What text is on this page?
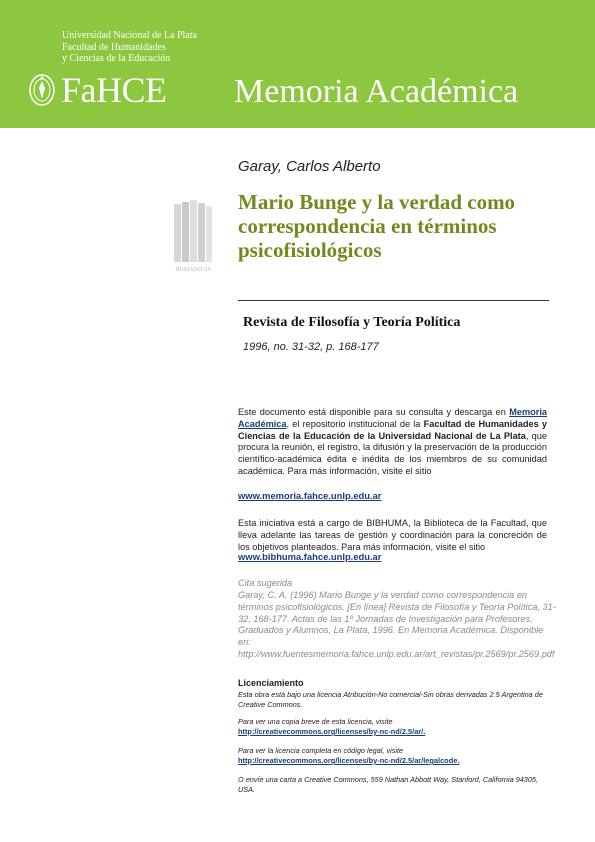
Universidad Nacional de La Plata
Facultad de Humanidades
y Ciencias de la Educación
FaHCE Memoria Académica
HUMANITAS
Garay, Carlos Alberto
Mario Bunge y la verdad como correspondencia en términos psicofisiológicos
Revista de Filosofía y Teoría Política
1996, no. 31-32, p. 168-177
Este documento está disponible para su consulta y descarga en Memoria Académica, el repositorio institucional de la Facultad de Humanidades y Ciencias de la Educación de la Universidad Nacional de La Plata, que procura la reunión, el registro, la difusión y la preservación de la producción científico-académica édita e inédita de los miembros de su comunidad académica. Para más información, visite el sitio
www.memoria.fahce.unlp.edu.ar
Esta iniciativa está a cargo de BIBHUMA, la Biblioteca de la Facultad, que lleva adelante las tareas de gestión y coordinación para la concreción de los objetivos planteados. Para más información, visite el sitio
www.bibhuma.fahce.unlp.edu.ar
Cita sugerida
Garay, C. A. (1996) Mario Bunge y la verdad como correspondencia en términos psicofisiológicos. [En línea] Revista de Filosofía y Teoría Política, 31-32, 168-177. Actas de las 1º Jornadas de Investigación para Profesores, Graduados y Alumnos, La Plata, 1996. En Memoria Académica. Disponible en: http://www.fuentesmemoria.fahce.unlp.edu.ar/art_revistas/pr.2569/pr.2569.pdf
Licenciamiento
Esta obra está bajo una licencia Atribución-No comercial-Sin obras derivadas 2.5 Argentina de Creative Commons.
Para ver una copia breve de esta licencia, visite
http://creativecommons.org/licenses/by-nc-nd/2.5/ar/.
Para ver la licencia completa en código legal, visite
http://creativecommons.org/licenses/by-nc-nd/2.5/ar/legalcode.
O envíe una carta a Creative Commons, 559 Nathan Abbott Way, Stanford, California 94305, USA.
